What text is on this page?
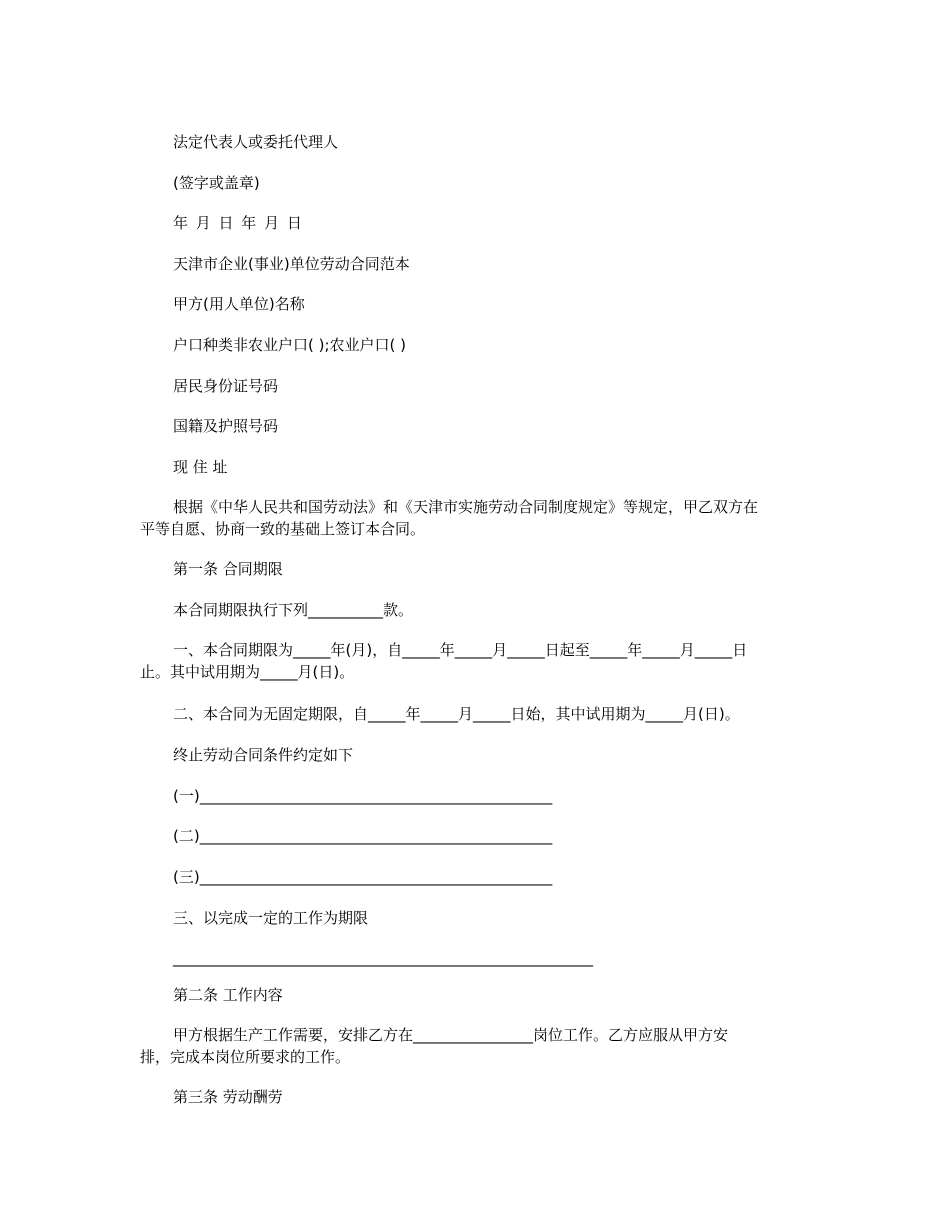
法定代表人或委托代理人
(签字或盖章)
年 月 日 年 月 日
天津市企业(事业)单位劳动合同范本
甲方(用人单位)名称
户口种类非农业户口( );农业户口( )
居民身份证号码
国籍及护照号码
现 住 址
根据《中华人民共和国劳动法》和《天津市实施劳动合同制度规定》等规定，甲乙双方在
平等自愿、协商一致的基础上签订本合同。
第一条 合同期限
本合同期限执行下列__________款。
一、本合同期限为_____年(月)，自_____年_____月_____日起至_____年_____月_____日
止。其中试用期为_____月(日)。
二、本合同为无固定期限，自_____年_____月_____日始，其中试用期为_____月(日)。
终止劳动合同条件约定如下
(一)_______________________________________________
(二)_______________________________________________
(三)_______________________________________________
三、以完成一定的工作为期限
________________________________________________________
第二条 工作内容
甲方根据生产工作需要，安排乙方在________________岗位工作。乙方应服从甲方安
排，完成本岗位所要求的工作。
第三条 劳动酬劳
